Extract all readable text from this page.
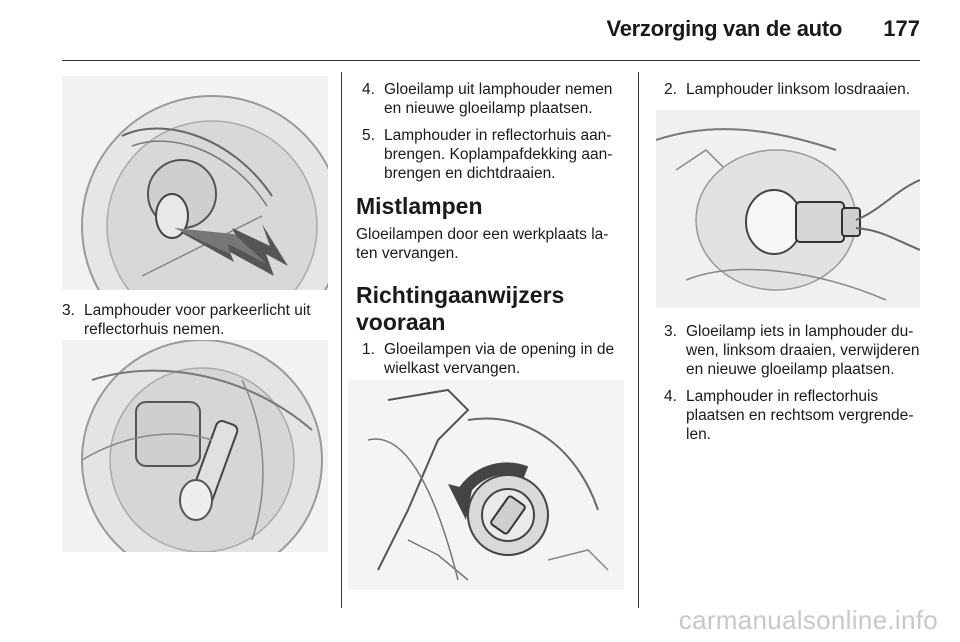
Verzorging van de auto 177
3. Lamphouder voor parkeerlicht uit reflectorhuis nemen.
4. Gloeilamp uit lamphouder nemen en nieuwe gloeilamp plaatsen.
5. Lamphouder in reflectorhuis aanbrengen. Koplampafdekking aanbrengen en dichtdraaien.
Mistlampen

Gloeilampen door een werkplaats laten vervangen.

Richtingaanwijzers vooraan
1. Gloeilampen via de opening in de wielkast vervangen.
2. Lamphouder linksom losdraaien.
3. Gloeilamp iets in lamphouder duwen, linksom draaien, verwijderen en nieuwe gloeilamp plaatsen.
4. Lamphouder in reflectorhuis plaatsen en rechtsom vergrendelen.
carmanualsonline.info
